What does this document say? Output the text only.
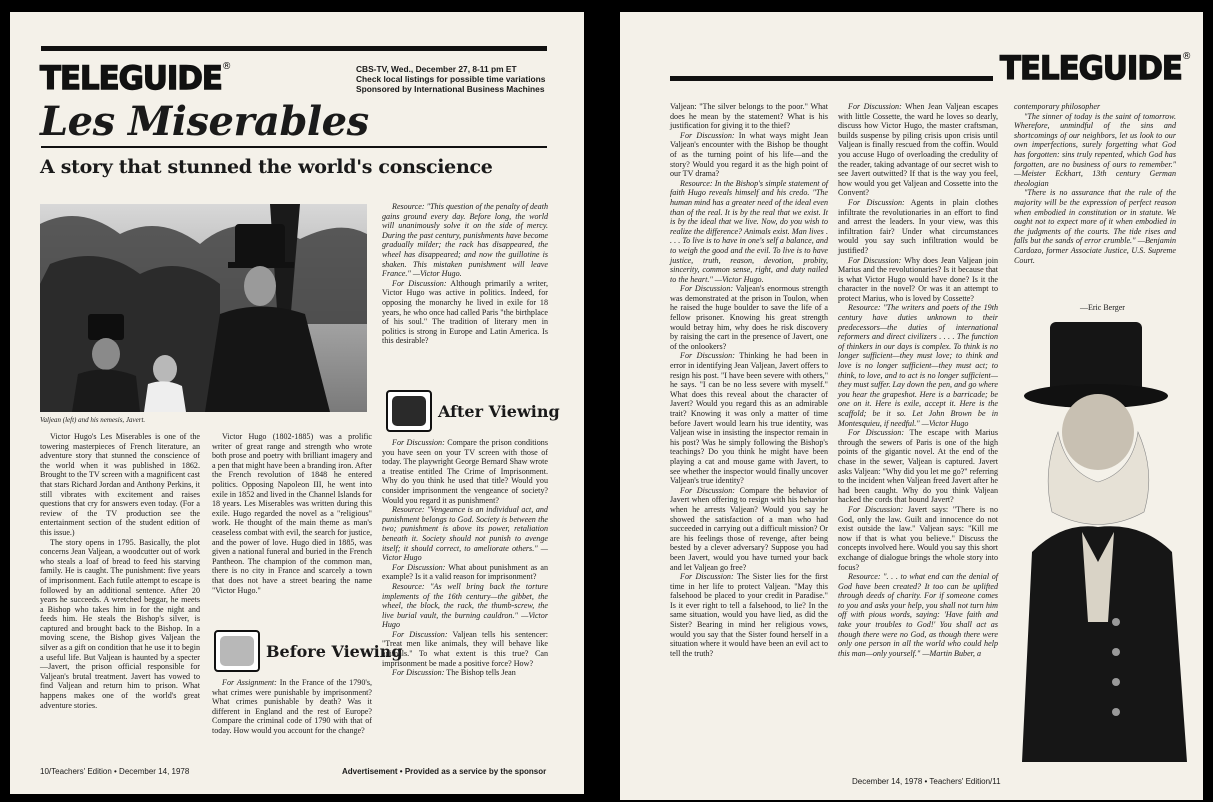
TELEGUIDE®	CBS-TV, Wed., December 27, 8-11 pm ET
Check local listings for possible time variations
Sponsored by International Business Machines
Les Miserables
A story that stunned the world's conscience
Valjean (left) and his nemesis, Javert.

Victor Hugo's Les Miserables is one of the towering masterpieces of French literature, an adventure story that stunned the conscience of the world when it was published in 1862. Brought to the TV screen with a magnificent cast that stars Richard Jordan and Anthony Perkins, it still vibrates with excitement and raises questions that cry for answers even today. (For a review of the TV production see the entertainment section of the student edition of this issue.)

The story opens in 1795. Basically, the plot concerns Jean Valjean, a woodcutter out of work who steals a loaf of bread to feed his starving family. He is caught. The punishment: five years of imprisonment. Each futile attempt to escape is followed by an additional sentence. After 20 years he succeeds. A wretched beggar, he meets a Bishop who takes him in for the night and feeds him. He steals the Bishop's silver, is captured and brought back to the Bishop. In a moving scene, the Bishop gives Valjean the silver as a gift on condition that he use it to begin a useful life. But Valjean is haunted by a specter—Javert, the prison official responsible for Valjean's brutal treatment. Javert has vowed to find Valjean and return him to prison. What happens makes one of the world's great adventure stories.

Victor Hugo (1802-1885) was a prolific writer of great range and strength who wrote both prose and poetry with brilliant imagery and a pen that might have been a branding iron. After the French revolution of 1848 he entered politics. Opposing Napoleon III, he went into exile in 1852 and lived in the Channel Islands for 18 years. Les Miserables was written during this exile. Hugo regarded the novel as a "religious" work. He thought of the main theme as man's ceaseless combat with evil, the search for justice, and the power of love. Hugo died in 1885, was given a national funeral and buried in the French Pantheon. The champion of the common man, there is no city in France and scarcely a town that does not have a street bearing the name "Victor Hugo."

Before Viewing

For Assignment: In the France of the 1790's, what crimes were punishable by imprisonment? What crimes punishable by death? Was it different in England and the rest of Europe? Compare the criminal code of 1790 with that of today. How would you account for the change?

Resource: "This question of the penalty of death gains ground every day. Before long, the world will unanimously solve it on the side of mercy. During the past century, punishments have become gradually milder; the rack has disappeared, the wheel has disappeared; and now the guillotine is shaken. This mistaken punishment will leave France." —Victor Hugo.

For Discussion: Although primarily a writer, Victor Hugo was active in politics. Indeed, for opposing the monarchy he lived in exile for 18 years, he who once had called Paris "the birthplace of his soul." The tradition of literary men in politics is strong in Europe and Latin America. Is this desirable?

After Viewing

For Discussion: Compare the prison conditions you have seen on your TV screen with those of today. The playwright George Bernard Shaw wrote a treatise entitled The Crime of Imprisonment. Why do you think he used that title? Would you consider imprisonment the vengeance of society? Would you regard it as punishment?

Resource: "Vengeance is an individual act, and punishment belongs to God. Society is between the two; punishment is above its power, retaliation beneath it. Society should not punish to avenge itself; it should correct, to ameliorate others." —Victor Hugo

For Discussion: What about punishment as an example? Is it a valid reason for imprisonment?

Resource: "As well bring back the torture implements of the 16th century—the gibbet, the wheel, the block, the rack, the thumb-screw, the live burial vault, the burning cauldron." —Victor Hugo

For Discussion: Valjean tells his sentencer: "Treat men like animals, they will behave like animals." To what extent is this true? Can imprisonment be made a positive force? How?

For Discussion: The Bishop tells Jean

10/Teachers' Edition • December 14, 1978	Advertisement • Provided as a service by the sponsor
TELEGUIDE®

Valjean: "The silver belongs to the poor." What does he mean by the statement? What is his justification for giving it to the thief?

For Discussion: In what ways might Jean Valjean's encounter with the Bishop be thought of as the turning point of his life—and the story? Would you regard it as the high point of our TV drama?

Resource: In the Bishop's simple statement of faith Hugo reveals himself and his credo. "The human mind has a greater need of the ideal even than of the real. It is by the real that we exist. It is by the ideal that we live. Now, do you wish to realize the difference? Animals exist. Man lives . . . . To live is to have in one's self a balance, and to weigh the good and the evil. To live is to have justice, truth, reason, devotion, probity, sincerity, common sense, right, and duty nailed to the heart." —Victor Hugo.

For Discussion: Valjean's enormous strength was demonstrated at the prison in Toulon, when he raised the huge boulder to save the life of a fellow prisoner. Knowing his great strength would betray him, why does he risk discovery by raising the cart in the presence of Javert, one of the onlookers?

For Discussion: Thinking he had been in error in identifying Jean Valjean, Javert offers to resign his post. "I have been severe with others," he says. "I can be no less severe with myself." What does this reveal about the character of Javert? Would you regard this as an admirable trait? Knowing it was only a matter of time before Javert would learn his true identity, was Valjean wise in insisting the inspector remain in his post? Was he simply following the Bishop's teachings? Do you think he might have been playing a cat and mouse game with Javert, to see whether the inspector would finally uncover Valjean's true identity?

For Discussion: Compare the behavior of Javert when offering to resign with his behavior when he arrests Valjean? Would you say he showed the satisfaction of a man who had succeeded in carrying out a difficult mission? Or are his feelings those of revenge, after being bested by a clever adversary? Suppose you had been Javert, would you have turned your back and let Valjean go free?

For Discussion: The Sister lies for the first time in her life to protect Valjean. "May this falsehood be placed to your credit in Paradise." Is it ever right to tell a falsehood, to lie? In the same situation, would you have lied, as did the Sister? Bearing in mind her religious vows, would you say that the Sister found herself in a situation where it would have been an evil act to tell the truth?

For Discussion: When Jean Valjean escapes with little Cossette, the ward he loves so dearly, discuss how Victor Hugo, the master craftsman, builds suspense by piling crisis upon crisis until Valjean is finally rescued from the coffin. Would you accuse Hugo of overloading the credulity of the reader, taking advantage of our secret wish to see Javert outwitted? If that is the way you feel, how would you get Valjean and Cossette into the Convent?

For Discussion: Agents in plain clothes infiltrate the revolutionaries in an effort to find and arrest the leaders. In your view, was this infiltration fair? Under what circumstances would you say such infiltration would be justified?

For Discussion: Why does Jean Valjean join Marius and the revolutionaries? Is it because that is what Victor Hugo would have done? Is it the character in the novel? Or was it an attempt to protect Marius, who is loved by Cossette?

Resource: "The writers and poets of the 19th century have duties unknown to their predecessors—the duties of international reformers and direct civilizers . . . . The function of thinkers in our days is complex. To think is no longer sufficient—they must love; to think and love is no longer sufficient—they must act; to think, to love, and to act is no longer sufficient—they must suffer. Lay down the pen, and go where you hear the grapeshot. Here is a barricade; be one on it. Here is exile, accept it. Here is the scaffold; be it so. Let John Brown be in Montesquieu, if needful." —Victor Hugo

For Discussion: The escape with Marius through the sewers of Paris is one of the high points of the gigantic novel. At the end of the chase in the sewer, Valjean is captured. Javert asks Valjean: "Why did you let me go?" referring to the incident when Valjean freed Javert after he had been caught. Why do you think Valjean hacked the cords that bound Javert?

For Discussion: Javert says: "There is no God, only the law. Guilt and innocence do not exist outside the law." Valjean says: "Kill me now if that is what you believe." Discuss the concepts involved here. Would you say this short exchange of dialogue brings the whole story into focus?

Resource: ". . . to what end can the denial of God have been created? It too can be uplifted through deeds of charity. For if someone comes to you and asks your help, you shall not turn him off with pious words, saying: 'Have faith and take your troubles to God!' You shall act as though there were no God, as though there were only one person in all the world who could help this man—only yourself." —Martin Buber, a

contemporary philosopher

"The sinner of today is the saint of tomorrow. Wherefore, unmindful of the sins and shortcomings of our neighbors, let us look to our own imperfections, surely forgetting what God has forgotten: sins truly repented, which God has forgotten, are no business of ours to remember." —Meister Eckhart, 13th century German theologian

"There is no assurance that the rule of the majority will be the expression of perfect reason when embodied in constitution or in statute. We ought not to expect more of it when embodied in the judgments of the courts. The tide rises and falls but the sands of error crumble." —Benjamin Cardozo, former Associate Justice, U.S. Supreme Court.

—Eric Berger
December 14, 1978 • Teachers' Edition/11
